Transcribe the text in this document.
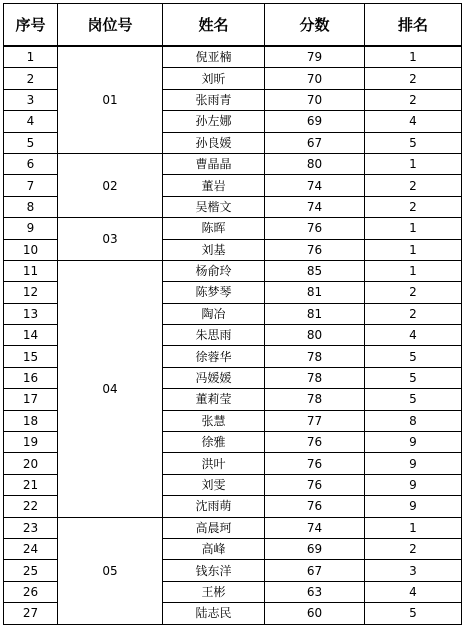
序号	岗位号	姓名	分数	排名
1	01	倪亚楠	79	1
2		刘昕	70	2
3		张雨青	70	2
4		孙左娜	69	4
5		孙良媛	67	5
6	02	曹晶晶	80	1
7		董岩	74	2
8		吴楷文	74	2
9	03	陈晖	76	1
10		刘基	76	1
11	04	杨俞玲	85	1
12		陈梦琴	81	2
13		陶冶	81	2
14		朱思雨	80	4
15		徐蓉华	78	5
16		冯媛媛	78	5
17		董莉莹	78	5
18		张慧	77	8
19		徐雅	76	9
20		洪叶	76	9
21		刘雯	76	9
22		沈雨萌	76	9
23	05	高晨珂	74	1
24		高峰	69	2
25		钱东洋	67	3
26		王彬	63	4
27		陆志民	60	5
